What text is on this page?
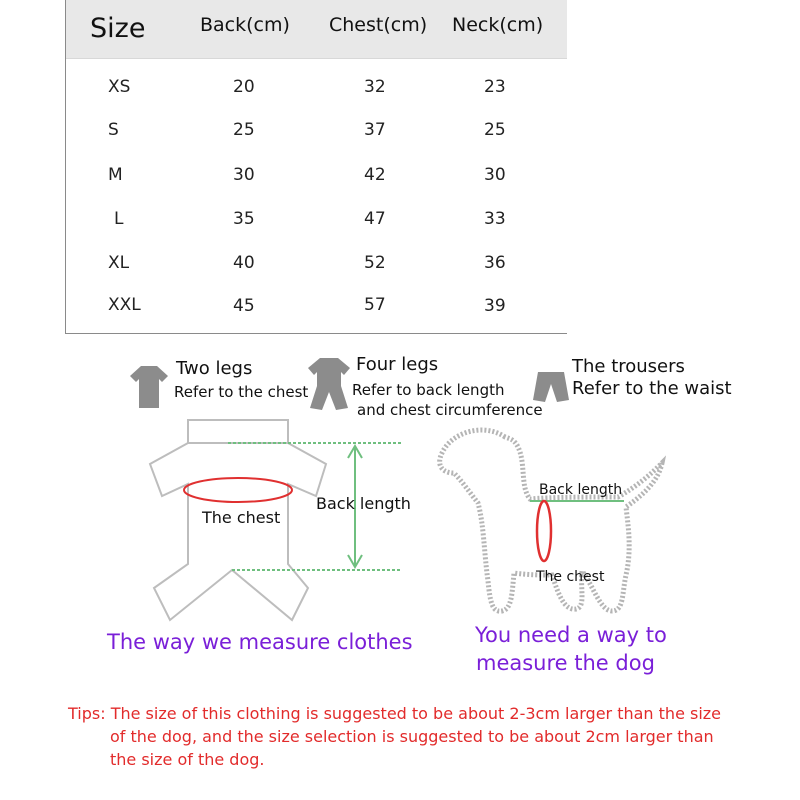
Size	Back(cm) Chest(cm) Neck(cm)
XS	20	32	23
S	25	37	25
M	30	42	30
L	35	47	33
XL	40	52	36
XXL	45	57	39
Two legs
Refer to the chest
Four legs
Refer to back length
and chest circumference
The trousers
Refer to the waist
The chest
Back length
The way we measure clothes
Back length
The chest
You need a way to
measure the dog
Tips: The size of this clothing is suggested to be about 2-3cm larger than the size
of the dog, and the size selection is suggested to be about 2cm larger than
the size of the dog.
